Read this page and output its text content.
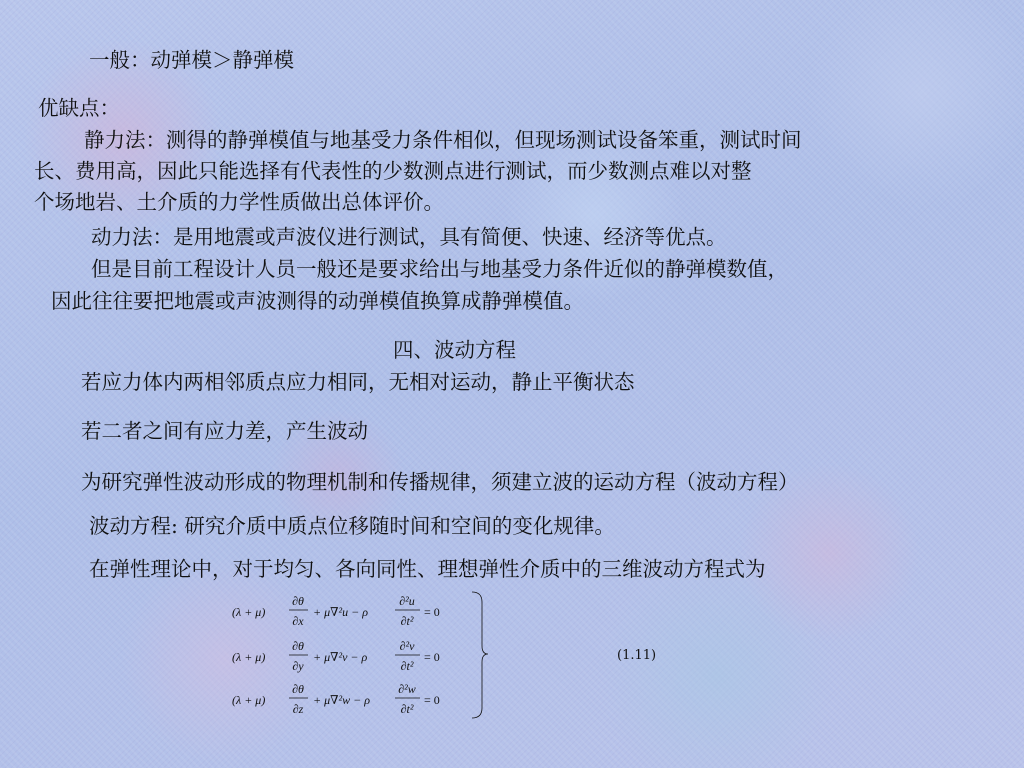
一般：动弹模＞静弹模

优缺点：

静力法：测得的静弹模值与地基受力条件相似，但现场测试设备笨重，测试时间

长、费用高，因此只能选择有代表性的少数测点进行测试，而少数测点难以对整

个场地岩、土介质的力学性质做出总体评价。

动力法：是用地震或声波仪进行测试，具有简便、快速、经济等优点。

但是目前工程设计人员一般还是要求给出与地基受力条件近似的静弹模数值，

因此往往要把地震或声波测得的动弹模值换算成静弹模值。

四、波动方程

若应力体内两相邻质点应力相同，无相对运动，静止平衡状态

若二者之间有应力差，产生波动

为研究弹性波动形成的物理机制和传播规律，须建立波的运动方程（波动方程）

波动方程: 研究介质中质点位移随时间和空间的变化规律。

在弹性理论中，对于均匀、各向同性、理想弹性介质中的三维波动方程式为

(λ + μ)
∂θ
∂x
+ μ∇²u − ρ
∂²u
∂t²
= 0
(λ + μ)
∂θ
∂y
+ μ∇²v − ρ
∂²v
∂t²
= 0
(λ + μ)
∂θ
∂z
+ μ∇²w − ρ
∂²w
∂t²
= 0
(1.11)
